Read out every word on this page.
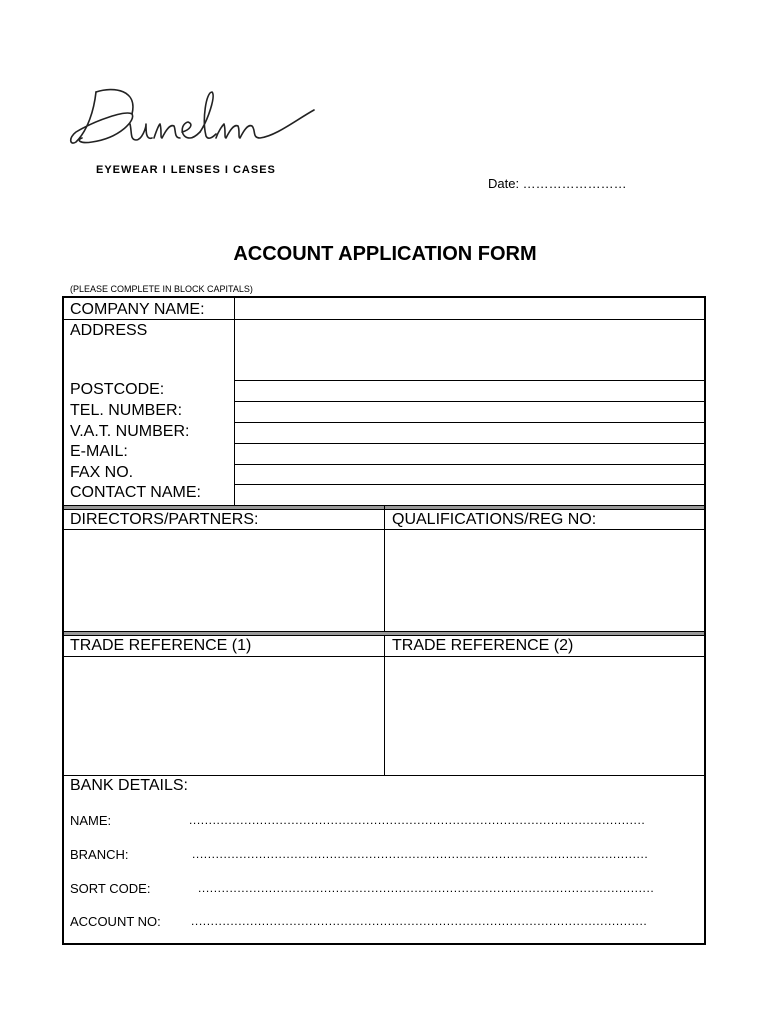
EYEWEAR I LENSES I CASES
Date: ……………………
ACCOUNT APPLICATION FORM
(PLEASE COMPLETE IN BLOCK CAPITALS)
COMPANY NAME:
ADDRESS
POSTCODE:
TEL. NUMBER:
V.A.T. NUMBER:
E-MAIL:
FAX NO.
CONTACT NAME:
DIRECTORS/PARTNERS:	QUALIFICATIONS/REG NO:
TRADE REFERENCE (1)	TRADE REFERENCE (2)
BANK DETAILS:
NAME:	....................................................................................................................
BRANCH:	....................................................................................................................
SORT CODE:	....................................................................................................................
ACCOUNT NO:	....................................................................................................................
